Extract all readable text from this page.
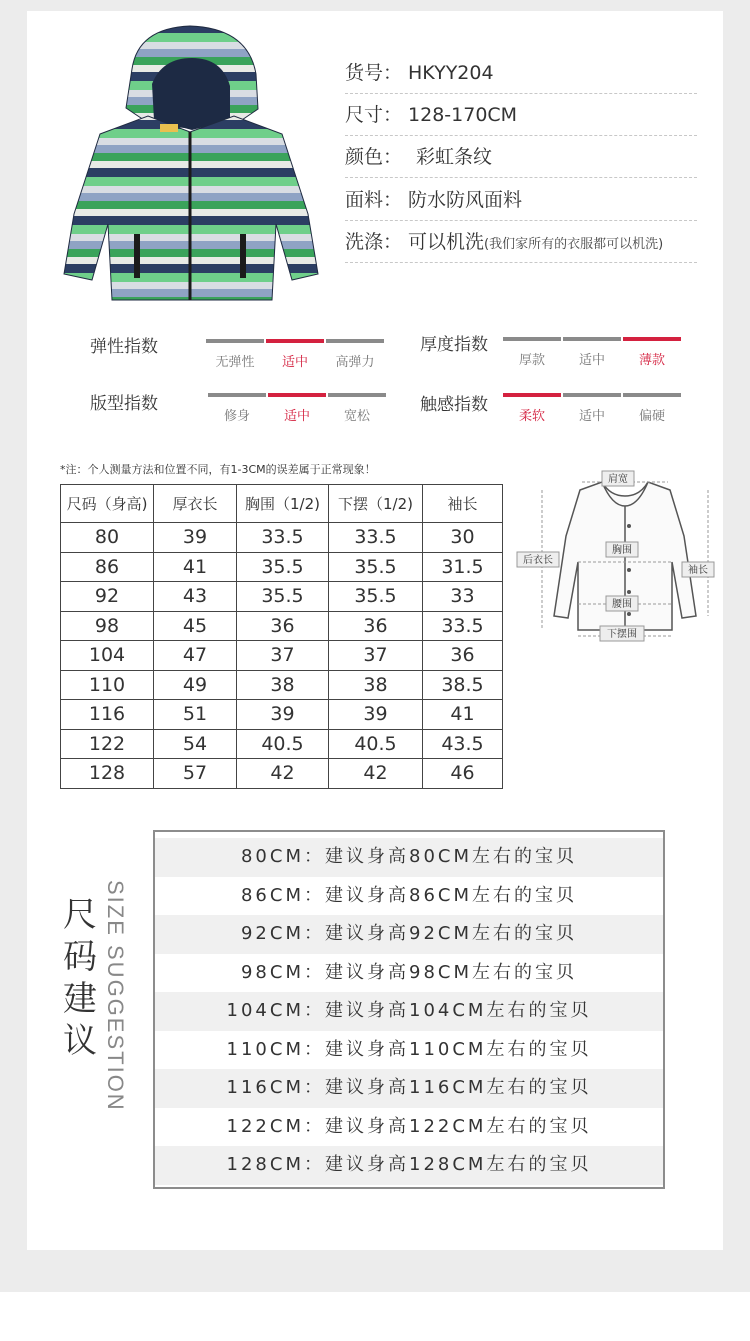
货号： HKYY204
尺寸： 128-170CM
颜色： 彩虹条纹
面料： 防水防风面料
洗涤： 可以机洗(我们家所有的衣服都可以机洗)
弹性指数
无弹性	适中	高弹力
厚度指数
厚款	适中	薄款
版型指数
修身	适中	宽松
触感指数
柔软	适中	偏硬
*注：个人测量方法和位置不同，有1-3CM的误差属于正常现象！
尺码（身高)	厚衣长	胸围（1/2)	下摆（1/2)	袖长
80	39	33.5	33.5	30
86	41	35.5	35.5	31.5
92	43	35.5	35.5	33
98	45	36	36	33.5
104	47	37	37	36
110	49	38	38	38.5
116	51	39	39	41
122	54	40.5	40.5	43.5
128	57	42	42	46
肩宽
后衣长
胸围
袖长
腰围
下摆围
尺
码
建
议 SIZE SUGGESTION
80CM：建议身高80CM左右的宝贝
86CM：建议身高86CM左右的宝贝
92CM：建议身高92CM左右的宝贝
98CM：建议身高98CM左右的宝贝
104CM：建议身高104CM左右的宝贝
110CM：建议身高110CM左右的宝贝
116CM：建议身高116CM左右的宝贝
122CM：建议身高122CM左右的宝贝
128CM：建议身高128CM左右的宝贝
